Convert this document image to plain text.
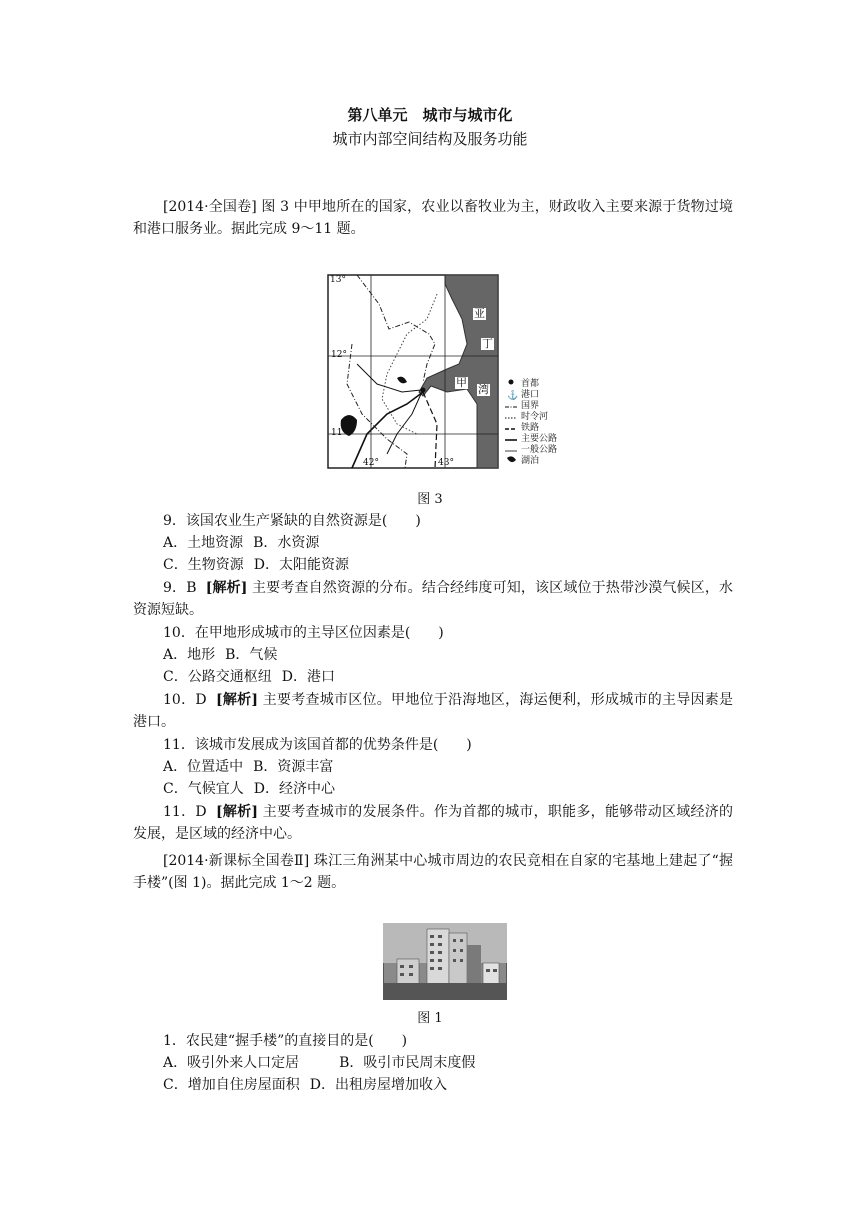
第八单元　城市与城市化
城市内部空间结构及服务功能
[2014·全国卷] 图 3 中甲地所在的国家，农业以畜牧业为主，财政收入主要来源于货物过境和港口服务业。据此完成 9～11 题。
⚓
13°
12°
11°
42°	43°
亚
丁
甲
湾	首都
港口
国界
时令河
铁路
主要公路
一般公路
湖泊
图 3
9．该国农业生产紧缺的自然资源是(　　)
A．土地资源 B．水资源
C．生物资源 D．太阳能资源
9．B [解析] 主要考查自然资源的分布。结合经纬度可知，该区域位于热带沙漠气候区，水资源短缺。
10．在甲地形成城市的主导区位因素是(　　)
A．地形 B．气候
C．公路交通枢纽 D．港口
10．D [解析] 主要考查城市区位。甲地位于沿海地区，海运便利，形成城市的主导因素是港口。
11．该城市发展成为该国首都的优势条件是(　　)
A．位置适中 B．资源丰富
C．气候宜人 D．经济中心
11．D [解析] 主要考查城市的发展条件。作为首都的城市，职能多，能够带动区域经济的发展，是区域的经济中心。
[2014·新课标全国卷Ⅱ] 珠江三角洲某中心城市周边的农民竞相在自家的宅基地上建起了“握手楼”(图 1)。据此完成 1～2 题。
图 1
1．农民建“握手楼”的直接目的是(　　)
A．吸引外来人口定居	B．吸引市民周末度假
C．增加自住房屋面积 D．出租房屋增加收入
